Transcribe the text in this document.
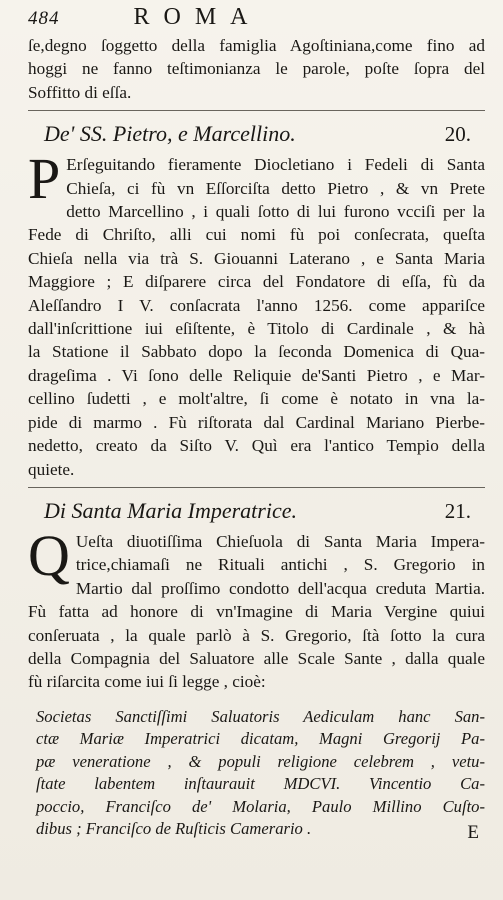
484	ROMA
ſe,degno ſoggetto della famiglia Agoſtiniana,come fino ad
hoggi ne fanno teſtimonianza le parole, poſte ſopra del
Soffitto di eſſa.
De' SS. Pietro, e Marcellino.	20.
P Erſeguitando fieramente Diocletiano i Fedeli di Santa
Chieſa, ci fù vn Eſſorciſta detto Pietro , & vn Prete
detto Marcellino , i quali ſotto di lui furono vcciſi per la
Fede di Chriſto, alli cui nomi fù poi conſecrata, queſta
Chieſa nella via trà S. Giouanni Laterano , e Santa Maria
Maggiore ; E diſparere circa del Fondatore di eſſa, fù da
Aleſſandro I V. conſacrata l'anno 1256. come appariſce
dall'inſcrittione iui eſiſtente, è Titolo di Cardinale , & hà
la Statione il Sabbato dopo la ſeconda Domenica di Qua-
drageſima . Vi ſono delle Reliquie de'Santi Pietro , e Mar-
cellino ſudetti , e molt'altre, ſi come è notato in vna la-
pide di marmo . Fù riſtorata dal Cardinal Mariano Pierbe-
nedetto, creato da Siſto V. Quì era l'antico Tempio della
quiete.
Di Santa Maria Imperatrice.	21.
Q Ueſta diuotiſſima Chieſuola di Santa Maria Impera-
trice,chiamaſi ne Rituali antichi , S. Gregorio in
Martio dal proſſimo condotto dell'acqua creduta Martia.
Fù fatta ad honore di vn'Imagine di Maria Vergine quiui
conſeruata , la quale parlò à S. Gregorio, ſtà ſotto la cura
della Compagnia del Saluatore alle Scale Sante , dalla quale
fù riſarcita come iui ſi legge , cioè:
Societas Sanctiſſimi Saluatoris Aediculam hanc San-
ctæ Mariæ Imperatrici dicatam, Magni Gregorij Pa-
pæ veneratione , & populi religione celebrem , vetu-
ſtate labentem inſtaurauit MDCVI. Vincentio Ca-
poccio, Franciſco de' Molaria, Paulo Millino Cuſto-
dibus ; Franciſco de Ruſticis Camerario .	E
